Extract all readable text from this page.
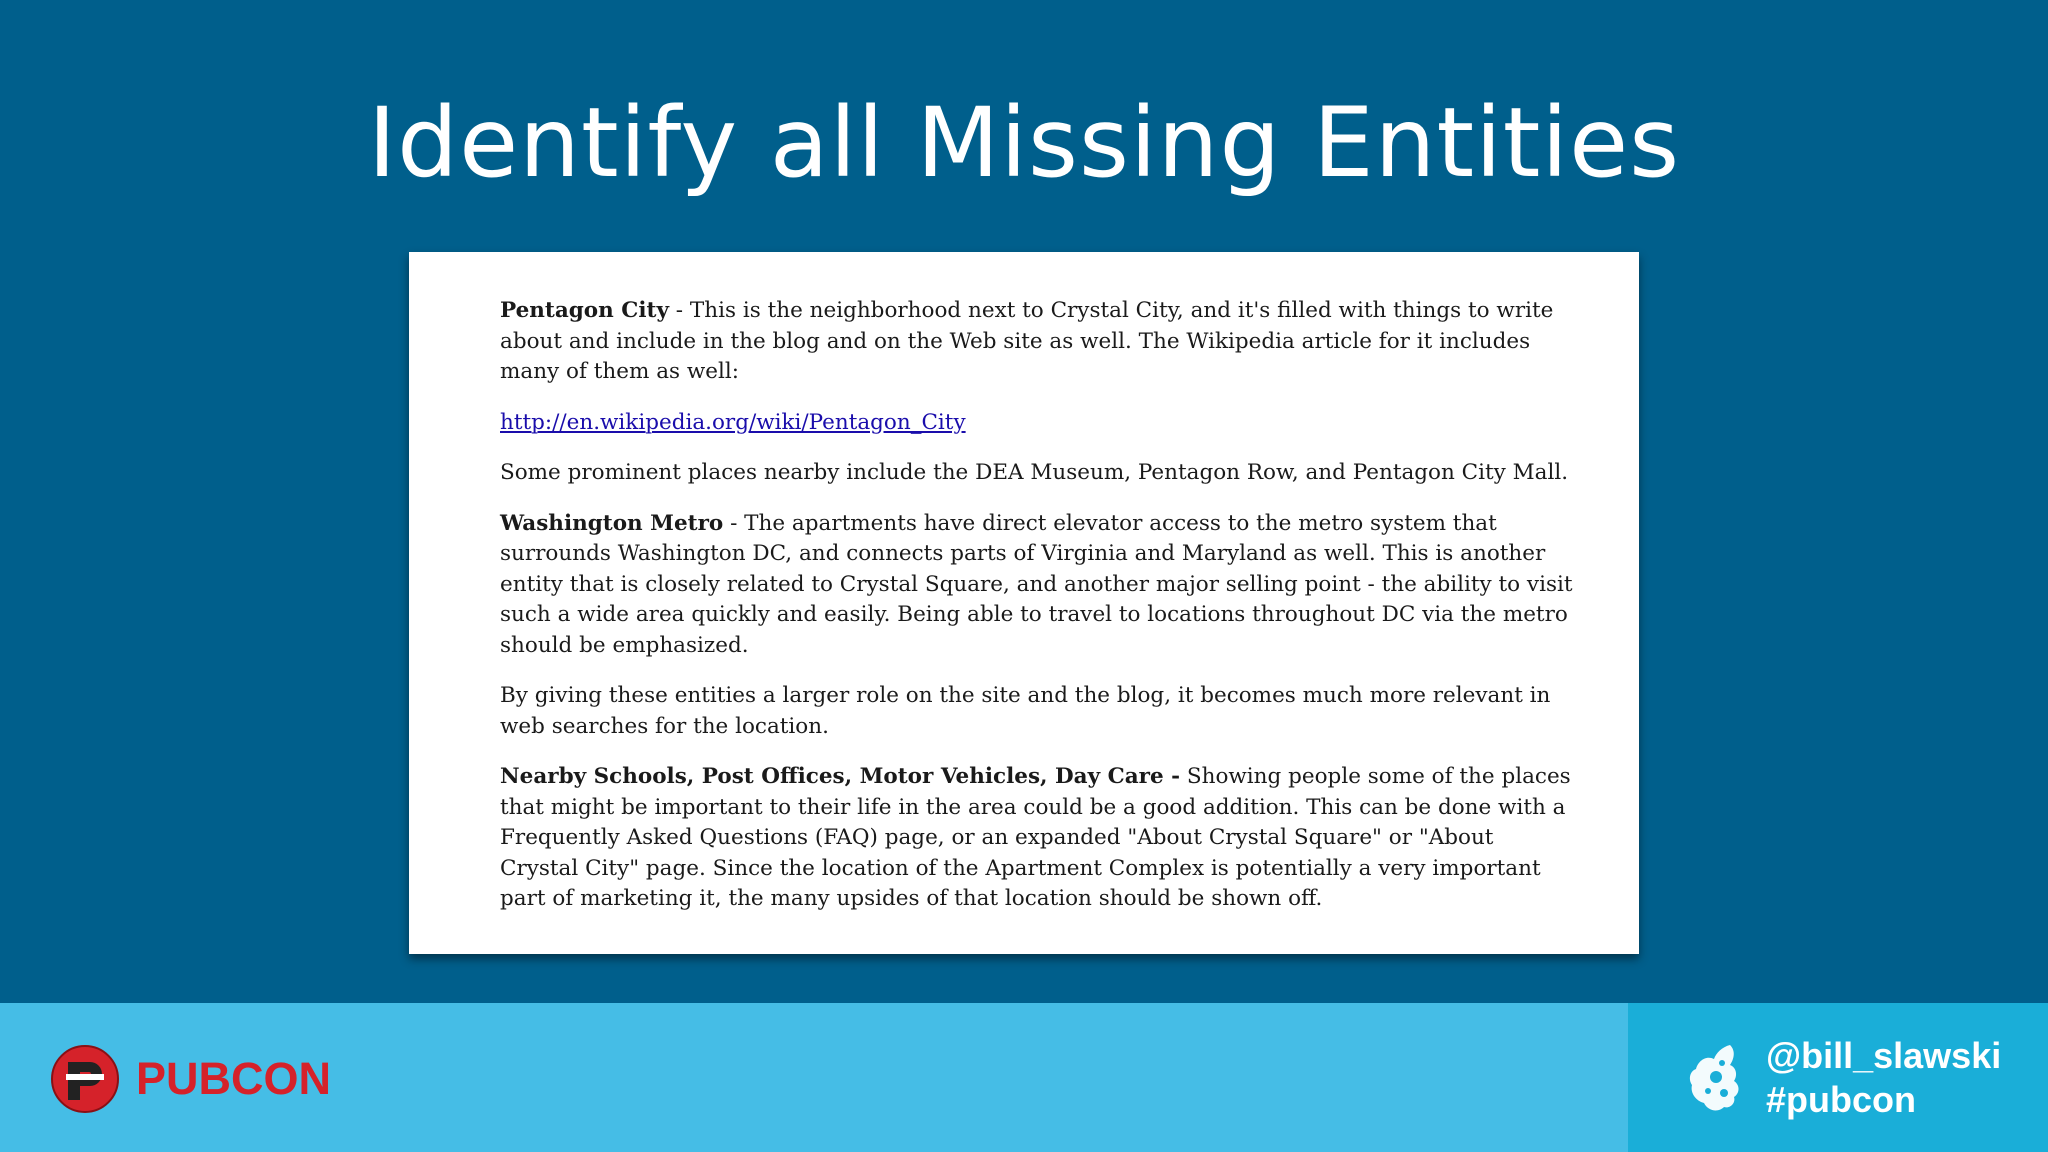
Identify all Missing Entities

Pentagon City - This is the neighborhood next to Crystal City, and it's filled with things to write about and include in the blog and on the Web site as well. The Wikipedia article for it includes many of them as well:

http://en.wikipedia.org/wiki/Pentagon_City

Some prominent places nearby include the DEA Museum, Pentagon Row, and Pentagon City Mall.

Washington Metro - The apartments have direct elevator access to the metro system that surrounds Washington DC, and connects parts of Virginia and Maryland as well. This is another entity that is closely related to Crystal Square, and another major selling point - the ability to visit such a wide area quickly and easily. Being able to travel to locations throughout DC via the metro should be emphasized.

By giving these entities a larger role on the site and the blog, it becomes much more relevant in web searches for the location.

Nearby Schools, Post Offices, Motor Vehicles, Day Care - Showing people some of the places that might be important to their life in the area could be a good addition. This can be done with a Frequently Asked Questions (FAQ) page, or an expanded "About Crystal Square" or "About Crystal City" page. Since the location of the Apartment Complex is potentially a very important part of marketing it, the many upsides of that location should be shown off.

PUBCON	@bill_slawski
#pubcon
